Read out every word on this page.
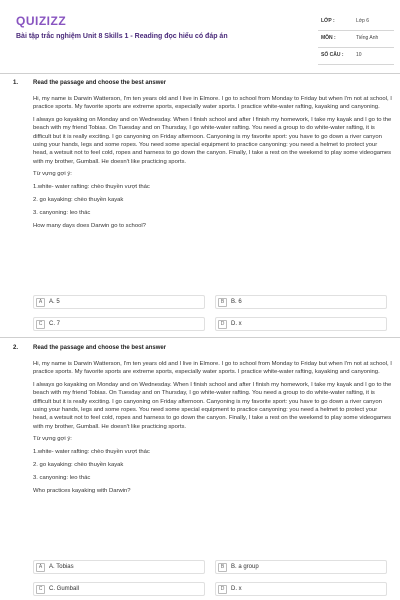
QUIZIZZ
Bài tập trắc nghiệm Unit 8 Skills 1 - Reading đọc hiểu có đáp án
LỚP :	Lớp 6
MÔN :	Tiếng Anh
SỐ CÂU :	10
1. Read the passage and choose the best answer

Hi, my name is Darwin Watterson, I'm ten years old and I live in Elmore. I go to school from Monday to Friday but when I'm not at school, I practice sports. My favorite sports are extreme sports, especially water sports. I practice white-water rafting, kayaking and canyoning.

I always go kayaking on Monday and on Wednesday. When I finish school and after I finish my homework, I take my kayak and I go to the beach with my friend Tobias. On Tuesday and on Thursday, I go white-water rafting. You need a group to do white-water rafting, it is difficult but it is really exciting. I go canyoning on Friday afternoon. Canyoning is my favorite sport: you have to go down a river canyon using your hands, legs and some ropes. You need some special equipment to practice canyoning: you need a helmet to protect your head, a wetsuit not to feel cold, ropes and harness to go down the canyon. Finally, I take a rest on the weekend to play some videogames with my brother, Gumball. He doesn't like practicing sports.

Từ vựng gợi ý:

1.white- water rafting: chèo thuyền vượt thác

2. go kayaking: chèo thuyền kayak

3. canyoning: leo thác

How many days does Darwin go to school?

A	A. 5	B	B. 6
C	C. 7	D	D. x
2. Read the passage and choose the best answer

Hi, my name is Darwin Watterson, I'm ten years old and I live in Elmore. I go to school from Monday to Friday but when I'm not at school, I practice sports. My favorite sports are extreme sports, especially water sports. I practice white-water rafting, kayaking and canyoning.

I always go kayaking on Monday and on Wednesday. When I finish school and after I finish my homework, I take my kayak and I go to the beach with my friend Tobias. On Tuesday and on Thursday, I go white-water rafting. You need a group to do white-water rafting, it is difficult but it is really exciting. I go canyoning on Friday afternoon. Canyoning is my favorite sport: you have to go down a river canyon using your hands, legs and some ropes. You need some special equipment to practice canyoning: you need a helmet to protect your head, a wetsuit not to feel cold, ropes and harness to go down the canyon. Finally, I take a rest on the weekend to play some videogames with my brother, Gumball. He doesn't like practicing sports.

Từ vựng gợi ý:

1.white- water rafting: chèo thuyền vượt thác

2. go kayaking: chèo thuyền kayak

3. canyoning: leo thác

Who practices kayaking with Darwin?

A	A. Tobias	B	B. a group
C	C. Gumball	D	D. x
